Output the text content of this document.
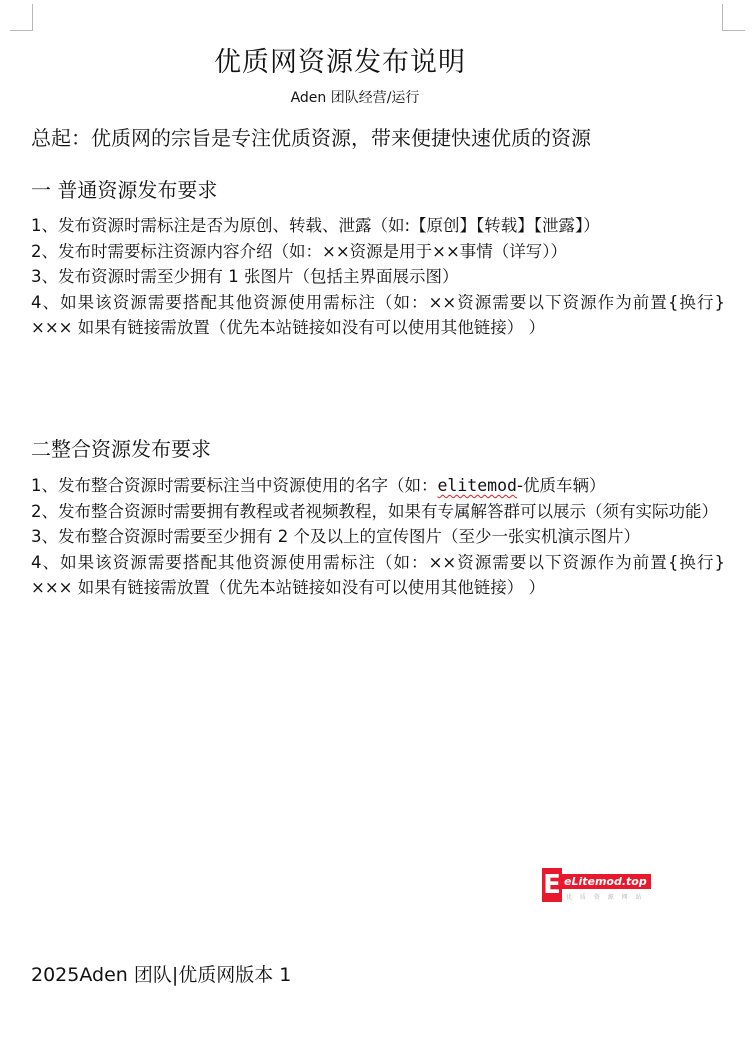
优质网资源发布说明
Aden 团队经营/运行
总起：优质网的宗旨是专注优质资源，带来便捷快速优质的资源
一 普通资源发布要求

1、发布资源时需标注是否为原创、转载、泄露（如:【原创】【转载】【泄露】）

2、发布时需要标注资源内容介绍（如：××资源是用于××事情（详写））

3、发布资源时需至少拥有 1 张图片（包括主界面展示图）

4、如果该资源需要搭配其他资源使用需标注（如：××资源需要以下资源作为前置{换行}××× 如果有链接需放置（优先本站链接如没有可以使用其他链接） ）

二整合资源发布要求

1、发布整合资源时需要标注当中资源使用的名字（如：elitemod-优质车辆）

2、发布整合资源时需要拥有教程或者视频教程，如果有专属解答群可以展示（须有实际功能）

3、发布整合资源时需要至少拥有 2 个及以上的宣传图片（至少一张实机演示图片）

4、如果该资源需要搭配其他资源使用需标注（如：××资源需要以下资源作为前置{换行}××× 如果有链接需放置（优先本站链接如没有可以使用其他链接） ）

E eLitemod.top
优 质 资 源 网 站
2025Aden 团队|优质网版本 1
